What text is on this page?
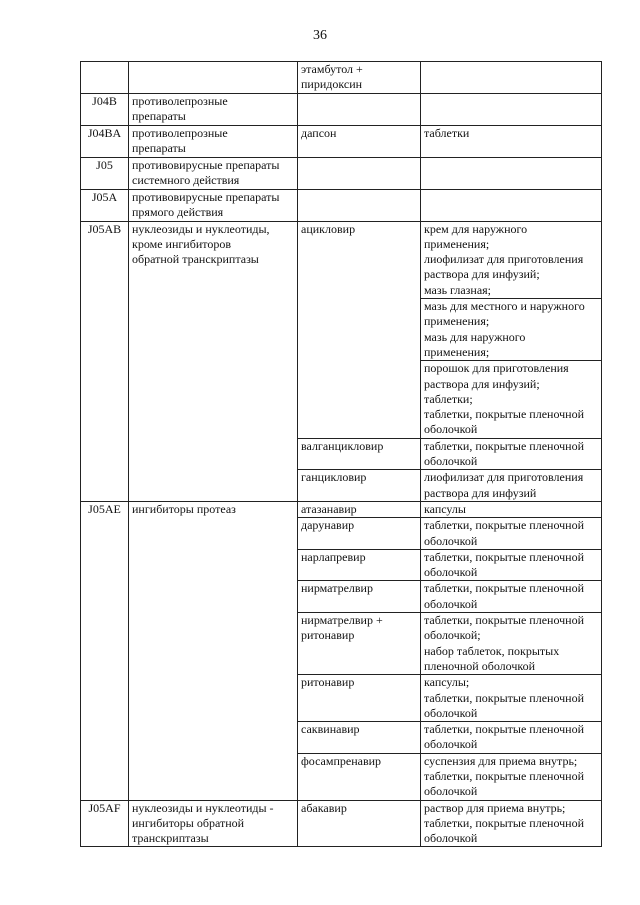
36

		этамбутол +
пиридоксин	

J04B	противолепрозные
препараты		

J04BA	противолепрозные
препараты	дапсон	таблетки

J05	противовирусные препараты
системного действия		

J05A	противовирусные препараты
прямого действия		

J05AB	нуклеозиды и нуклеотиды,
кроме ингибиторов
обратной транскриптазы	ацикловир	крем для наружного
применения;
лиофилизат для приготовления
раствора для инфузий;
мазь глазная;

			мазь для местного и наружного
применения;
мазь для наружного
применения;

			порошок для приготовления
раствора для инфузий;
таблетки;
таблетки, покрытые пленочной
оболочкой

		валганцикловир	таблетки, покрытые пленочной
оболочкой

		ганцикловир	лиофилизат для приготовления
раствора для инфузий

J05AE	ингибиторы протеаз	атазанавир	капсулы

		дарунавир	таблетки, покрытые пленочной
оболочкой

		нарлапревир	таблетки, покрытые пленочной
оболочкой

		нирматрелвир	таблетки, покрытые пленочной
оболочкой

		нирматрелвир +
ритонавир	таблетки, покрытые пленочной
оболочкой;
набор таблеток, покрытых
пленочной оболочкой

		ритонавир	капсулы;
таблетки, покрытые пленочной
оболочкой

		саквинавир	таблетки, покрытые пленочной
оболочкой

		фосампренавир	суспензия для приема внутрь;
таблетки, покрытые пленочной
оболочкой

J05AF	нуклеозиды и нуклеотиды -
ингибиторы обратной
транскриптазы	абакавир	раствор для приема внутрь;
таблетки, покрытые пленочной
оболочкой
